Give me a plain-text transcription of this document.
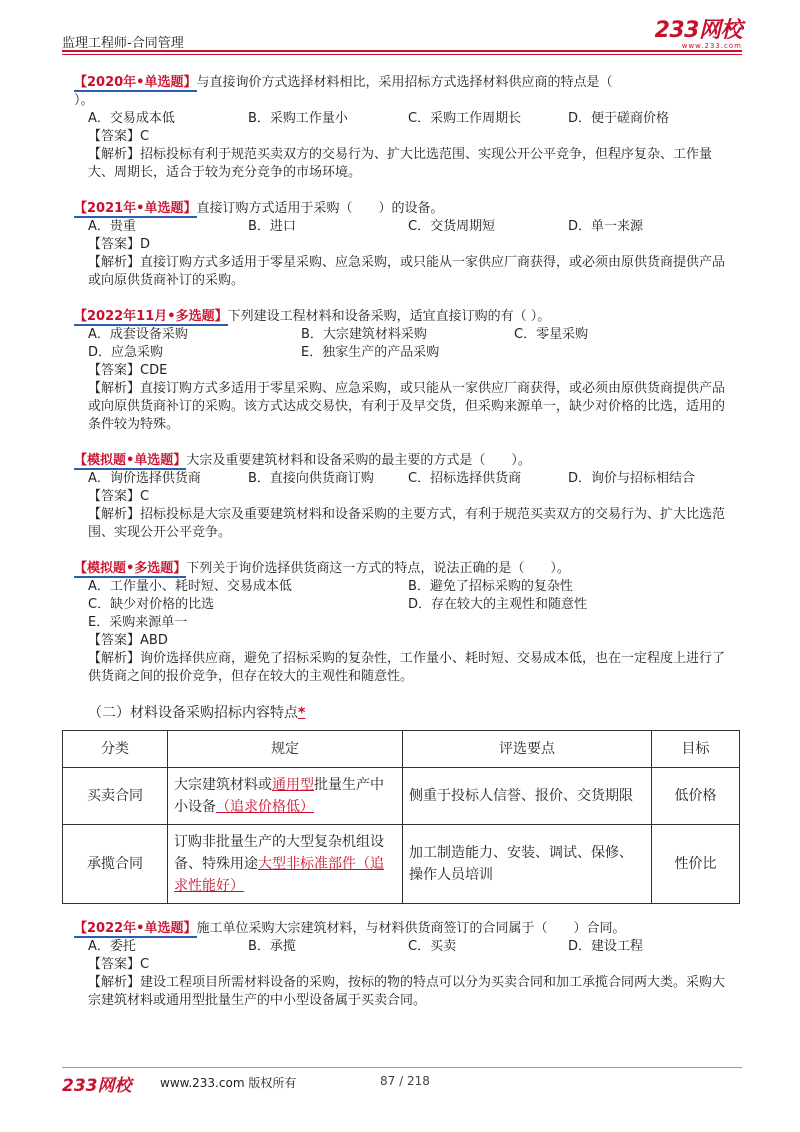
监理工程师-合同管理
233网校
www.233.com
【2020年•单选题】与直接询价方式选择材料相比，采用招标方式选择材料供应商的特点是（
）。
A．交易成本低	B．采购工作量小	C．采购工作周期长	D．便于磋商价格
【答案】C
【解析】招标投标有利于规范买卖双方的交易行为、扩大比选范围、实现公开公平竞争，但程序复杂、工作量大、周期长，适合于较为充分竞争的市场环境。
【2021年•单选题】直接订购方式适用于采购（　　）的设备。
A．贵重	B．进口	C．交货周期短	D．单一来源
【答案】D
【解析】直接订购方式多适用于零星采购、应急采购，或只能从一家供应厂商获得，或必须由原供货商提供产品或向原供货商补订的采购。
【2022年11月•多选题】下列建设工程材料和设备采购，适宜直接订购的有（ ）。
A．成套设备采购	B．大宗建筑材料采购	C．零星采购
D．应急采购	E．独家生产的产品采购
【答案】CDE
【解析】直接订购方式多适用于零星采购、应急采购，或只能从一家供应厂商获得，或必须由原供货商提供产品或向原供货商补订的采购。该方式达成交易快，有利于及早交货，但采购来源单一，缺少对价格的比选，适用的条件较为特殊。
【模拟题•单选题】大宗及重要建筑材料和设备采购的最主要的方式是（　　）。
A．询价选择供货商	B．直接向供货商订购	C．招标选择供货商	D．询价与招标相结合
【答案】C
【解析】招标投标是大宗及重要建筑材料和设备采购的主要方式，有利于规范买卖双方的交易行为、扩大比选范围、实现公开公平竞争。
【模拟题•多选题】下列关于询价选择供货商这一方式的特点，说法正确的是（　　）。
A．工作量小、耗时短、交易成本低	B．避免了招标采购的复杂性
C．缺少对价格的比选	D．存在较大的主观性和随意性
E．采购来源单一
【答案】ABD
【解析】询价选择供应商，避免了招标采购的复杂性，工作量小、耗时短、交易成本低，也在一定程度上进行了供货商之间的报价竞争，但存在较大的主观性和随意性。
（二）材料设备采购招标内容特点*
分类	规定	评选要点	目标
买卖合同	大宗建筑材料或通用型批量生产中小设备（追求价格低）	侧重于投标人信誉、报价、交货期限	低价格
承揽合同	订购非批量生产的大型复杂机组设备、特殊用途大型非标准部件（追求性能好）	加工制造能力、安装、调试、保修、操作人员培训	性价比
【2022年•单选题】施工单位采购大宗建筑材料，与材料供货商签订的合同属于（　　）合同。
A．委托	B．承揽	C．买卖	D．建设工程
【答案】C
【解析】建设工程项目所需材料设备的采购，按标的物的特点可以分为买卖合同和加工承揽合同两大类。采购大宗建筑材料或通用型批量生产的中小型设备属于买卖合同。
233网校 www.233.com 版权所有	87 / 218
